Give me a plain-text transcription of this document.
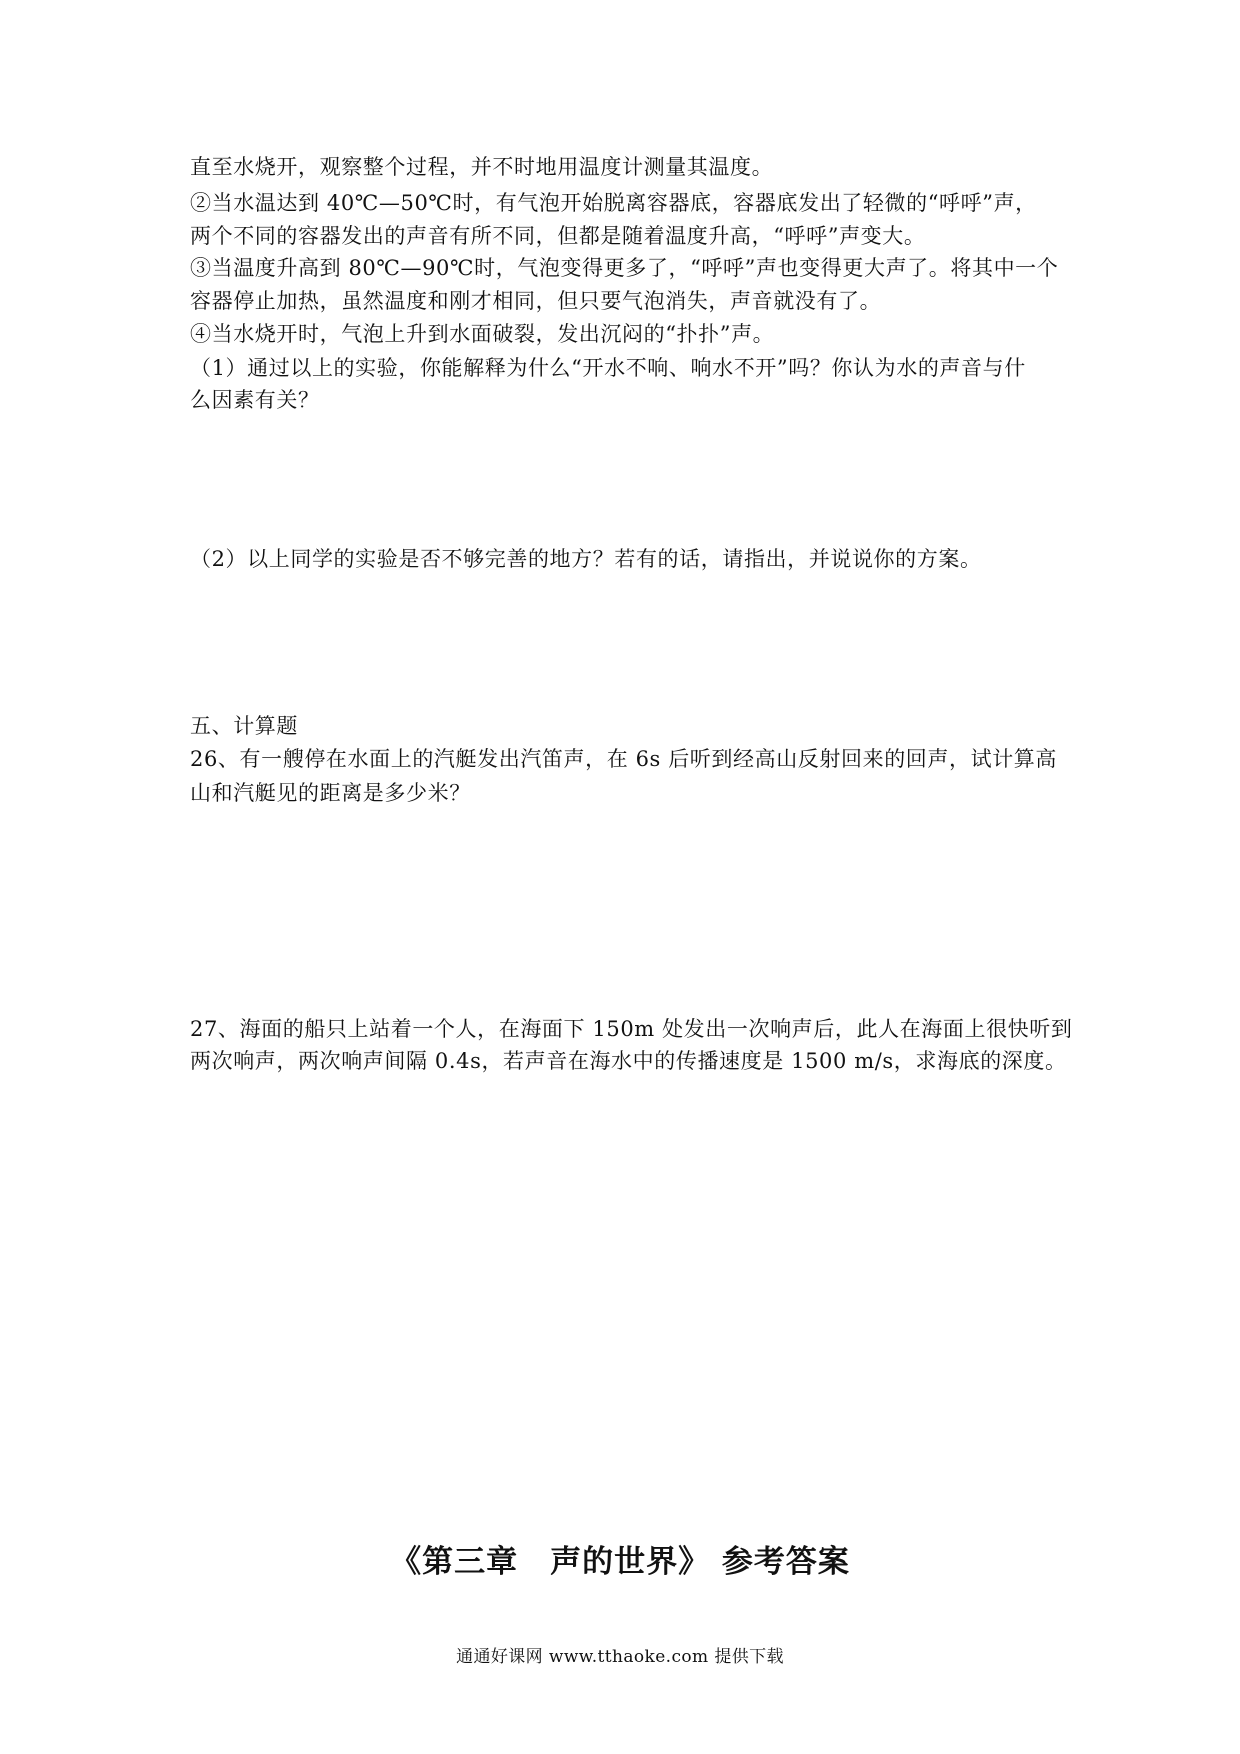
直至水烧开，观察整个过程，并不时地用温度计测量其温度。
②当水温达到 40℃—50℃时，有气泡开始脱离容器底，容器底发出了轻微的“呼呼”声，
两个不同的容器发出的声音有所不同，但都是随着温度升高，“呼呼”声变大。
③当温度升高到 80℃—90℃时，气泡变得更多了，“呼呼”声也变得更大声了。将其中一个
容器停止加热，虽然温度和刚才相同，但只要气泡消失，声音就没有了。
④当水烧开时，气泡上升到水面破裂，发出沉闷的“扑扑”声。
（1）通过以上的实验，你能解释为什么“开水不响、响水不开”吗？你认为水的声音与什
么因素有关？
（2）以上同学的实验是否不够完善的地方？若有的话，请指出，并说说你的方案。
五、计算题
26、有一艘停在水面上的汽艇发出汽笛声，在 6s 后听到经高山反射回来的回声，试计算高
山和汽艇见的距离是多少米？
27、海面的船只上站着一个人，在海面下 150m 处发出一次响声后，此人在海面上很快听到
两次响声，两次响声间隔 0.4s，若声音在海水中的传播速度是 1500 m/s，求海底的深度。
《第三章　声的世界》 参考答案
通通好课网 www.tthaoke.com 提供下载
